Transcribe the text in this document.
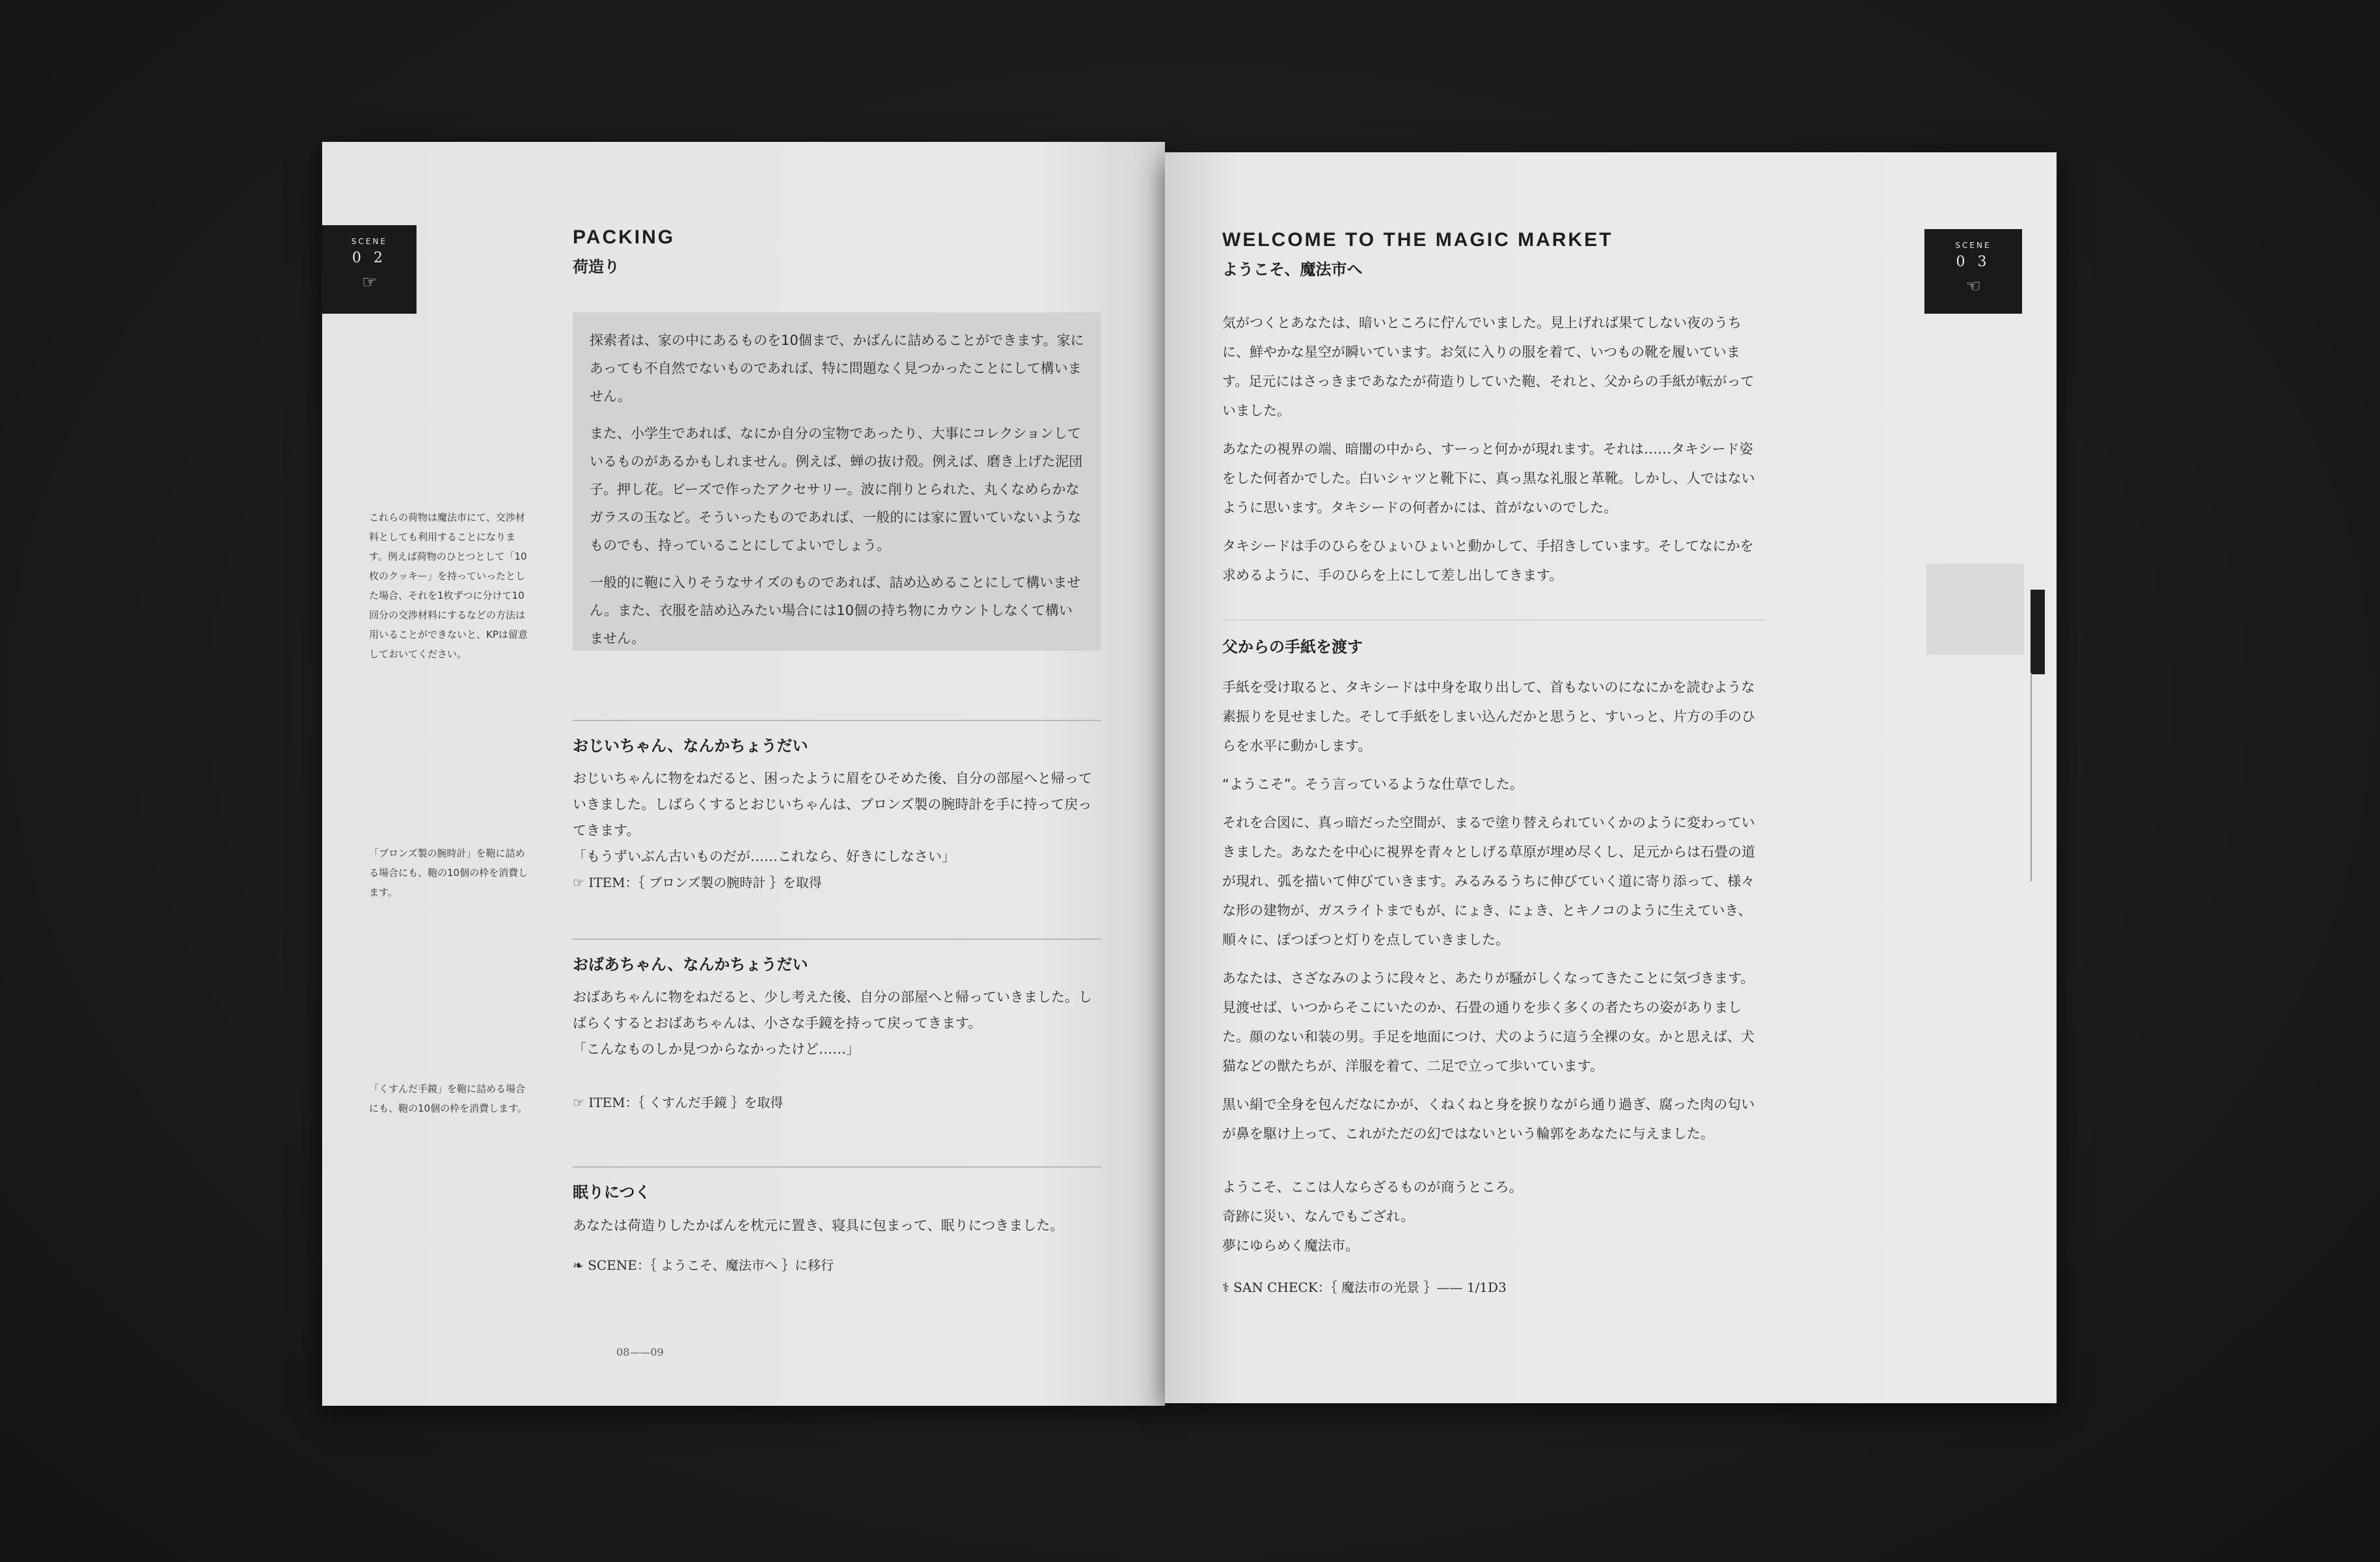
SCENE
0 2
☞
PACKING
荷造り

探索者は、家の中にあるものを10個まで、かばんに詰めることができます。家にあっても不自然でないものであれば、特に問題なく見つかったことにして構いません。

また、小学生であれば、なにか自分の宝物であったり、大事にコレクションしているものがあるかもしれません。例えば、蝉の抜け殻。例えば、磨き上げた泥団子。押し花。ビーズで作ったアクセサリー。波に削りとられた、丸くなめらかなガラスの玉など。そういったものであれば、一般的には家に置いていないようなものでも、持っていることにしてよいでしょう。

一般的に鞄に入りそうなサイズのものであれば、詰め込めることにして構いません。また、衣服を詰め込みたい場合には10個の持ち物にカウントしなくて構いません。

これらの荷物は魔法市にて、交渉材料としても利用することになります。例えば荷物のひとつとして「10枚のクッキー」を持っていったとした場合、それを1枚ずつに分けて10回分の交渉材料にするなどの方法は用いることができないと、KPは留意しておいてください。
「ブロンズ製の腕時計」を鞄に詰める場合にも、鞄の10個の枠を消費します。
「くすんだ手鏡」を鞄に詰める場合にも、鞄の10個の枠を消費します。
おじいちゃん、なんかちょうだい

おじいちゃんに物をねだると、困ったように眉をひそめた後、自分の部屋へと帰っていきました。しばらくするとおじいちゃんは、ブロンズ製の腕時計を手に持って戻ってきます。

「もうずいぶん古いものだが……これなら、好きにしなさい」

☞ ITEM：｛ ブロンズ製の腕時計 ｝を取得
おばあちゃん、なんかちょうだい

おばあちゃんに物をねだると、少し考えた後、自分の部屋へと帰っていきました。しばらくするとおばあちゃんは、小さな手鏡を持って戻ってきます。

「こんなものしか見つからなかったけど……」

☞ ITEM：｛ くすんだ手鏡 ｝を取得
眠りにつく

あなたは荷造りしたかばんを枕元に置き、寝具に包まって、眠りにつきました。

❧ SCENE：｛ ようこそ、魔法市へ ｝に移行
08——09
WELCOME TO THE MAGIC MARKET
ようこそ、魔法市へ
SCENE
0 3
☜

気がつくとあなたは、暗いところに佇んでいました。見上げれば果てしない夜のうちに、鮮やかな星空が瞬いています。お気に入りの服を着て、いつもの靴を履いています。足元にはさっきまであなたが荷造りしていた鞄、それと、父からの手紙が転がっていました。

あなたの視界の端、暗闇の中から、すーっと何かが現れます。それは……タキシード姿をした何者かでした。白いシャツと靴下に、真っ黒な礼服と革靴。しかし、人ではないように思います。タキシードの何者かには、首がないのでした。

タキシードは手のひらをひょいひょいと動かして、手招きしています。そしてなにかを求めるように、手のひらを上にして差し出してきます。

父からの手紙を渡す

手紙を受け取ると、タキシードは中身を取り出して、首もないのになにかを読むような素振りを見せました。そして手紙をしまい込んだかと思うと、すいっと、片方の手のひらを水平に動かします。

“ようこそ”。そう言っているような仕草でした。

それを合図に、真っ暗だった空間が、まるで塗り替えられていくかのように変わっていきました。あなたを中心に視界を青々としげる草原が埋め尽くし、足元からは石畳の道が現れ、弧を描いて伸びていきます。みるみるうちに伸びていく道に寄り添って、様々な形の建物が、ガスライトまでもが、にょき、にょき、とキノコのように生えていき、順々に、ぽつぽつと灯りを点していきました。

あなたは、さざなみのように段々と、あたりが騒がしくなってきたことに気づきます。見渡せば、いつからそこにいたのか、石畳の通りを歩く多くの者たちの姿がありました。顔のない和装の男。手足を地面につけ、犬のように這う全裸の女。かと思えば、犬猫などの獣たちが、洋服を着て、二足で立って歩いています。

黒い絹で全身を包んだなにかが、くねくねと身を捩りながら通り過ぎ、腐った肉の匂いが鼻を駆け上って、これがただの幻ではないという輪郭をあなたに与えました。

ようこそ、ここは人ならざるものが商うところ。
奇跡に災い、なんでもござれ。
夢にゆらめく魔法市。
⚕ SAN CHECK：｛ 魔法市の光景 ｝—— 1/1D3
